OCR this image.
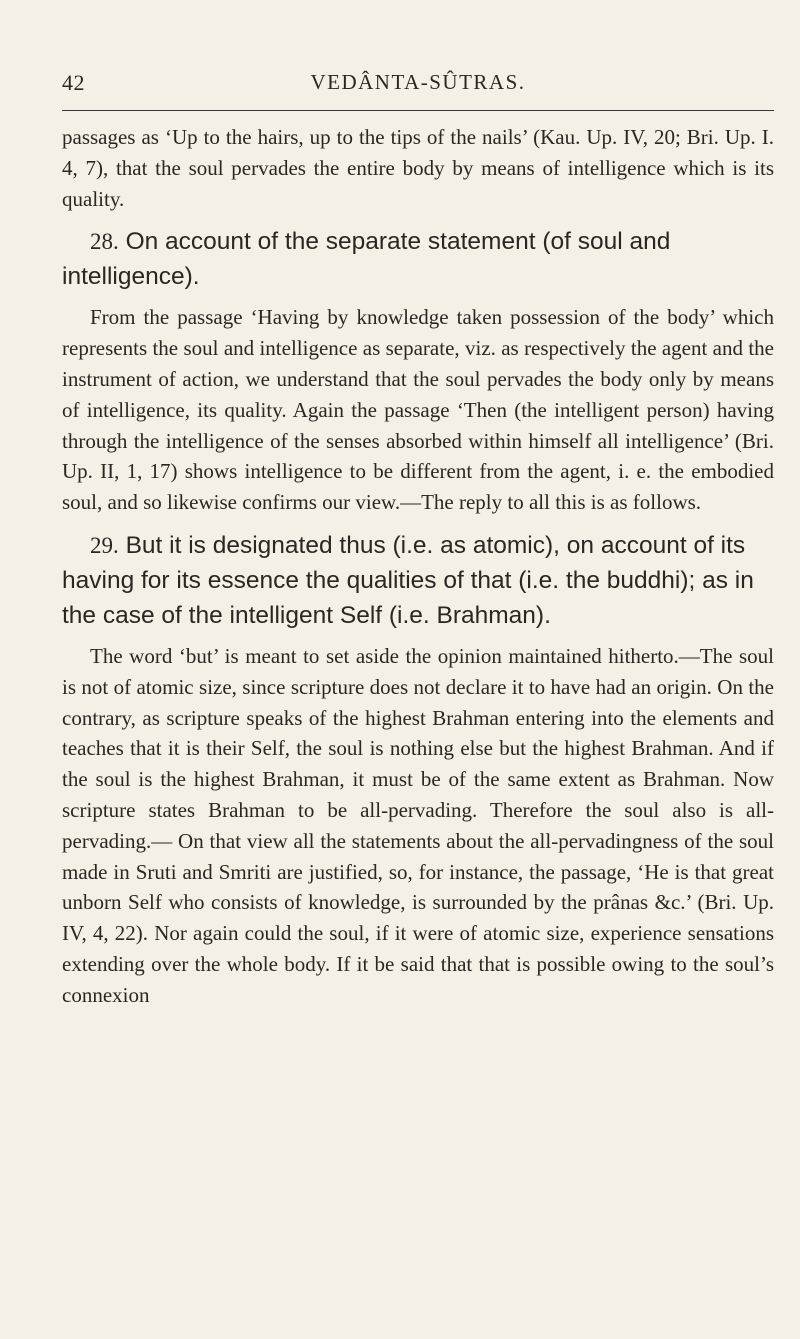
42	VEDÂNTA-SÛTRAS.

passages as ‘Up to the hairs, up to the tips of the nails’ (Kau. Up. IV, 20; Bri. Up. I. 4, 7), that the soul pervades the entire body by means of intelligence which is its quality.

28. On account of the separate statement (of soul and intelligence).

From the passage ‘Having by knowledge taken possession of the body’ which represents the soul and intelligence as separate, viz. as respectively the agent and the instrument of action, we understand that the soul pervades the body only by means of intelligence, its quality. Again the passage ‘Then (the intelligent person) having through the intelligence of the senses absorbed within himself all intelligence’ (Bri. Up. II, 1, 17) shows intelligence to be different from the agent, i. e. the embodied soul, and so likewise confirms our view.—The reply to all this is as follows.

29. But it is designated thus (i.e. as atomic), on account of its having for its essence the qualities of that (i.e. the buddhi); as in the case of the intelligent Self (i.e. Brahman).

The word ‘but’ is meant to set aside the opinion maintained hitherto.—The soul is not of atomic size, since scripture does not declare it to have had an origin. On the contrary, as scripture speaks of the highest Brahman entering into the elements and teaches that it is their Self, the soul is nothing else but the highest Brahman. And if the soul is the highest Brahman, it must be of the same extent as Brahman. Now scripture states Brahman to be all-pervading. Therefore the soul also is all-pervading.— On that view all the statements about the all-pervadingness of the soul made in Sruti and Smriti are justified, so, for instance, the passage, ‘He is that great unborn Self who consists of knowledge, is surrounded by the prânas &c.’ (Bri. Up. IV, 4, 22). Nor again could the soul, if it were of atomic size, experience sensations extending over the whole body. If it be said that that is possible owing to the soul’s connexion
